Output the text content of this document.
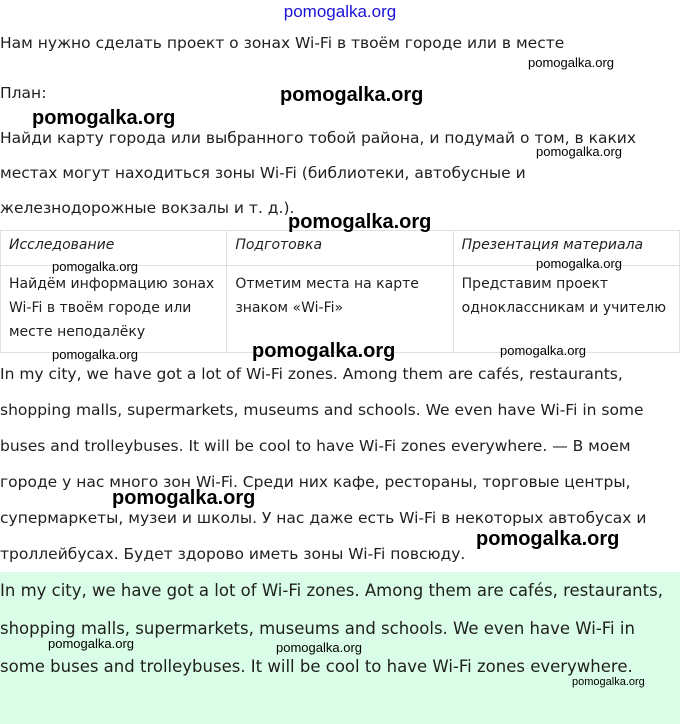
pomogalka.org

Нам нужно сделать проект о зонах Wi-Fi в твоём городе или в месте

План:

Найди карту города или выбранного тобой района, и подумай о том, в каких местах могут находиться зоны Wi-Fi (библиотеки, автобусные и железнодорожные вокзалы и т. д.).

Исследование	Подготовка	Презентация материала
Найдём информацию зонах Wi-Fi в твоём городе или месте неподалёку	Отметим места на карте знаком «Wi-Fi»	Представим проект одноклассникам и учителю

In my city, we have got a lot of Wi-Fi zones. Among them are cafés, restaurants, shopping malls, supermarkets, museums and schools. We even have Wi-Fi in some buses and trolleybuses. It will be cool to have Wi-Fi zones everywhere. — В моем городе у нас много зон Wi-Fi. Среди них кафе, рестораны, торговые центры, супермаркеты, музеи и школы. У нас даже есть Wi-Fi в некоторых автобусах и троллейбусах. Будет здорово иметь зоны Wi-Fi повсюду.

In my city, we have got a lot of Wi-Fi zones. Among them are cafés, restaurants, shopping malls, supermarkets, museums and schools. We even have Wi-Fi in some buses and trolleybuses. It will be cool to have Wi-Fi zones everywhere.

pomogalka.org
pomogalka.org
pomogalka.org
pomogalka.org
pomogalka.org
pomogalka.org	pomogalka.org
pomogalka.org	pomogalka.org	pomogalka.org
pomogalka.org
pomogalka.org
pomogalka.org	pomogalka.org
pomogalka.org
